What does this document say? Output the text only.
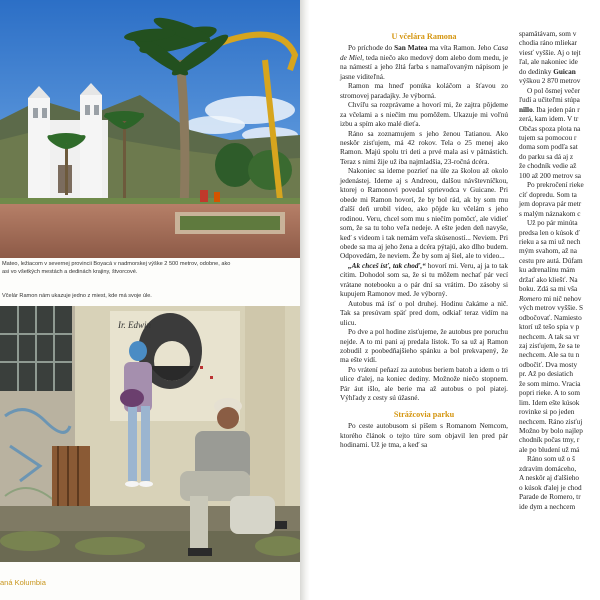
Mateo, ležiacom v severnej provincii Boyacá v nadmorskej výške 2 500 metrov, odobne, ako asi vo všetkých mestách a dedinách krajiny, štvorcové.
Včelár Ramon nám ukazuje jedno z miest, kde má svoje úle.
Ir. Edwin
aná Kolumbia
U včelára Ramona

Po príchode do San Matea ma víta Ramon. Jeho Casa de Miel, teda niečo ako medový dom alebo dom medu, je na námestí a jeho žltá farba s namaľovaným nápisom je jasne viditeľná.

Ramon ma hneď ponúka koláčom a šťavou zo stromovej paradajky. Je výborná.

Chvíľu sa rozprávame a hovorí mi, že zajtra pôjdeme za včelami a s niečím mu pomôžem. Ukazuje mi voľnú izbu a spím ako malé dieťa.

Ráno sa zoznamujem s jeho ženou Tatianou. Ako neskôr zisťujem, má 42 rokov. Tela o 25 menej ako Ramon. Majú spolu tri deti a prvé mala asi v pätnástich. Teraz s nimi žije už iba najmladšia, 23-ročná dcéra.

Nakoniec sa ideme pozrieť na úle za školou až okolo jedenástej. Ideme aj s Andreou, dalšou návštevníčkou, ktorej o Ramonovi povedal sprievodca v Guicane. Pri obede mi Ramon hovorí, že by bol rád, ak by som mu ďalší deň urobil video, ako pôjde ku včelám s jeho rodinou. Veru, chcel som mu s niečím pomôcť, ale vidieť som, že sa tu toho veľa nedeje. A ešte jeden deň navyše, keď s videom i tak nemám veľa skúseností... Neviem. Pri obede sa ma aj jeho žena a dcéra pýtajú, ako dlho budem. Odpovedám, že neviem. Že by som aj šiel, ale to video...

„Ak chceš ísť, tak choď,“ hovorí mi. Veru, aj ja to tak cítim. Dohodol som sa, že si tu môžem nechať pár vecí vrátane notebooku a o pár dní sa vrátim. Do zásoby si kupujem Ramonov med. Je výborný.

Autobus má ísť o pol druhej. Hodinu čakáme a nič. Tak sa presúvam späť pred dom, odkiaľ teraz vidím na ulicu.

Po dve a pol hodine zisťujeme, že autobus pre poruchu nejde. A to mi pani aj predala lístok. To sa už aj Ramon zobudil z poobedňajšieho spánku a bol prekvapený, že ma ešte vidí.

Po vrátení peňazí za autobus beriem batoh a idem o tri ulice ďalej, na koniec dediny. Možnože niečo stopnem. Pár áut išlo, ale berie ma až autobus o pol piatej. Výhľady z cesty sú úžasné.

Strážcovia parku

Po ceste autobusom si píšem s Romanom Nemcom, ktorého článok o tejto túre som objavil len pred pár hodinami. Už je tma, a keď sa

spamätávam, som v

chodia ráno mliekar

viesť vyššie. Aj o tejt

ľal, ale nakoniec ide

do dedinky Guican

výškou 2 870 metrov

O pol ôsmej večer

ľudí a učiteľmi stúpa

nillo. Iba jeden pán r

zerá, kam idem. V tr

Občas spoza plota na

tujem sa pomocou r

doma som podľa sat

do parku sa dá aj z

že chodník vedie až

100 až 200 metrov sa

Po prekročení rieke

cíť dopredu. Som ta

jem doprava pár metr

s malým náznakom c

Už po pár minúta

predsa len o kúsok ď

rieku a sa mi už nech

mým svahom, až na

cestu pre autá. Dúfam

ku adrenalínu mám

držať ako kliešť. Na

boku. Zdá sa mi vša

Romero mi nič nehov

vých metrov vyššie. S

odbočovať. Namiesto

ktorí už tešo spia v p

nechcem. A tak sa vr

zaj zisťujem, že sa te

nechcem. Ale sa tu n

odbočiť. Dva mosty

pr. Až po desiatich

že som mimo. Vracia

popri rieke. A to som

lim. Idem ešte kúsok

rovinke si po jeden

nechcem. Ráno zisťuj

Možno by bolo najlep

chodník počas tmy, r

ale po bludení už má

Ráno som už o š

zdravím domáceho,

A neskôr aj ďalšieho

o kúsok ďalej je chod

Parade de Romero, tr

ide dym a nechcem
